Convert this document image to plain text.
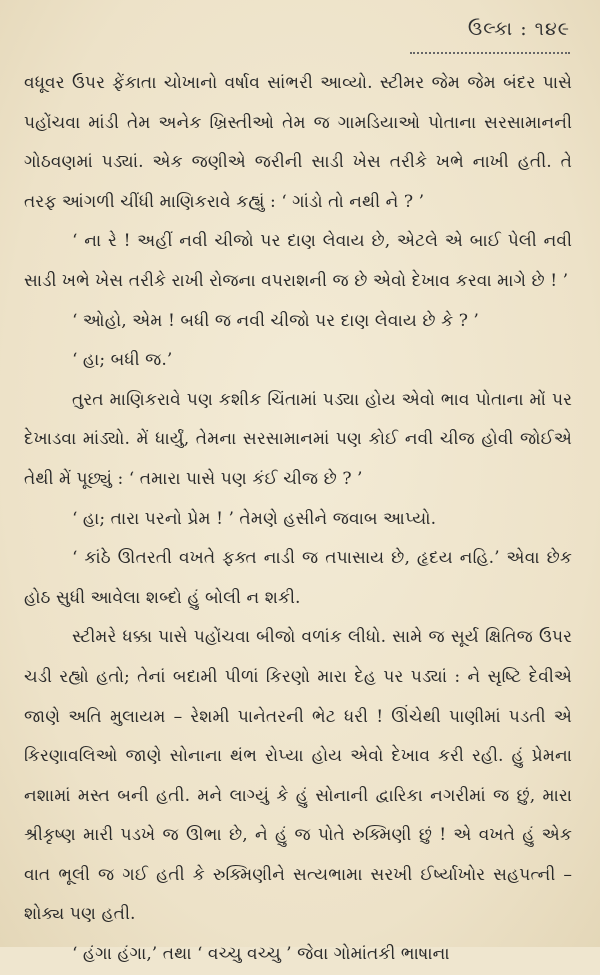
ઉલ્કા : ૧૪૯

વધૂવર ઉપર ફેંકાતા ચોખાનો વર્ષાવ સાંભરી આવ્યો. સ્ટીમર જેમ જેમ બંદર પાસે પહોંચવા માંડી તેમ અનેક ખ્રિસ્તીઓ તેમ જ ગામડિયાઓ પોતાના સરસામાનની ગોઠવણમાં પડ્યાં. એક જણીએ જરીની સાડી ખેસ તરીકે ખભે નાખી હતી. તે તરફ આંગળી ચીંધી માણિકરાવે કહ્યું : ‘ ગાંડો તો નથી ને ? ’

‘ ના રે ! અહીં નવી ચીજો પર દાણ લેવાય છે, એટલે એ બાઈ પેલી નવી સાડી ખભે ખેસ તરીકે રાખી રોજના વપરાશની જ છે એવો દેખાવ કરવા માગે છે ! ’

‘ ઓહો, એમ ! બધી જ નવી ચીજો પર દાણ લેવાય છે કે ? ’

‘ હા; બધી જ.’

તુરત માણિકરાવે પણ કશીક ચિંતામાં પડ્યા હોય એવો ભાવ પોતાના મોં પર દેખાડવા માંડ્યો. મેં ધાર્યું, તેમના સરસામાનમાં પણ કોઈ નવી ચીજ હોવી જોઈએ તેથી મેં પૂછ્યું : ‘ તમારા પાસે પણ કંઈ ચીજ છે ? ’

‘ હા; તારા પરનો પ્રેમ ! ’ તેમણે હસીને જવાબ આપ્યો.

‘ કાંઠે ઊતરતી વખતે ફક્ત નાડી જ તપાસાય છે, હૃદય નહિ.’ એવા છેક હોઠ સુધી આવેલા શબ્દો હું બોલી ન શકી.

સ્ટીમરે ધક્કા પાસે પહોંચવા બીજો વળાંક લીધો. સામે જ સૂર્ય ક્ષિતિજ ઉપર ચડી રહ્યો હતો; તેનાં બદામી પીળાં કિરણો મારા દેહ પર પડ્યાં : ને સૃષ્ટિ દેવીએ જાણે અતિ મુલાયમ – રેશમી પાનેતરની ભેટ ધરી ! ઊંચેથી પાણીમાં પડતી એ કિરણાવલિઓ જાણે સોનાના થંભ રોપ્યા હોય એવો દેખાવ કરી રહી. હું પ્રેમના નશામાં મસ્ત બની હતી. મને લાગ્યું કે હું સોનાની દ્વારિકા નગરીમાં જ છું, મારા શ્રીકૃષ્ણ મારી પડખે જ ઊભા છે, ને હું જ પોતે રુક્મિણી છું ! એ વખતે હું એક વાત ભૂલી જ ગઈ હતી કે રુક્મિણીને સત્યભામા સરખી ઈર્ષ્યાખોર સહપત્ની – શોક્ય પણ હતી.

‘ હંગા હંગા,’ તથા ‘ વચ્ચુ વચ્ચુ ’ જેવા ગોમાંતકી ભાષાના
